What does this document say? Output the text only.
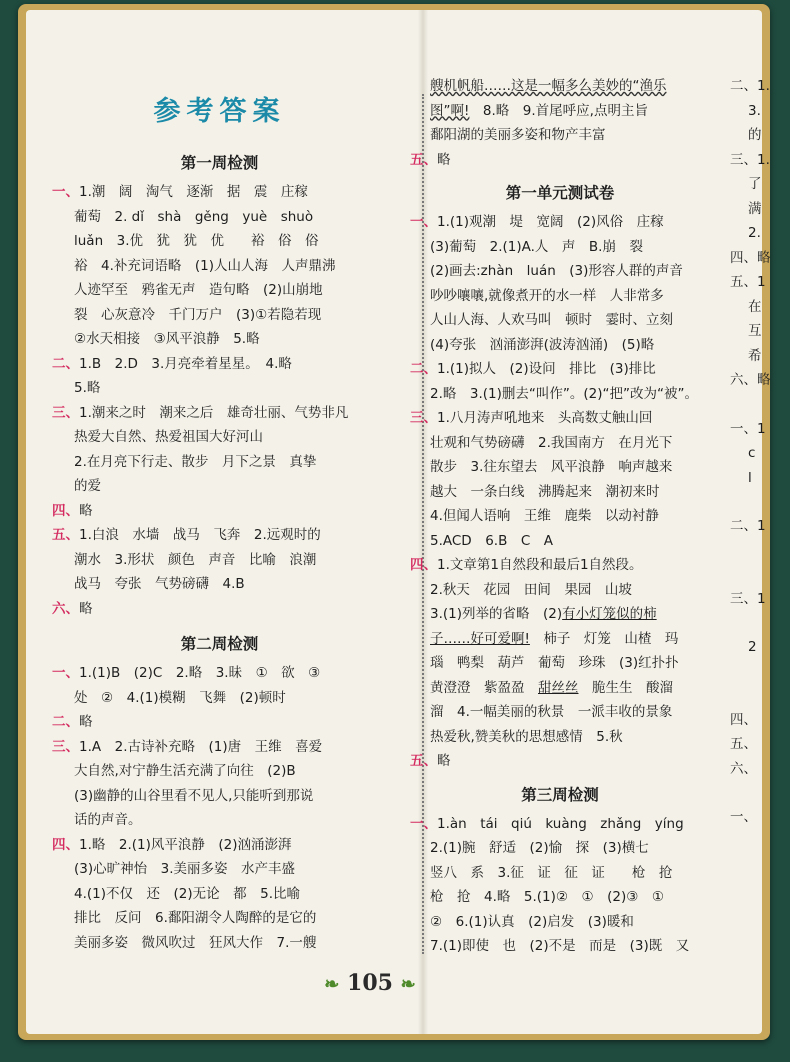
参考答案
第一周检测
一、1.潮　阔　淘气　逐渐　据　震　庄稼
葡萄　2. dǐ　shà　gěng　yuè　shuò
luǎn　3.优　犹　犹　优　　裕　俗　俗
裕　4.补充词语略　(1)人山人海　人声鼎沸
人迹罕至　鸦雀无声　造句略　(2)山崩地
裂　心灰意冷　千门万户　(3)①若隐若现
②水天相接　③风平浪静　5.略
二、1.B　2.D　3.月亮牵着星星。　4.略
5.略
三、1.潮来之时　潮来之后　雄奇壮丽、气势非凡
热爱大自然、热爱祖国大好河山
2.在月亮下行走、散步　月下之景　真挚
的爱
四、略
五、1.白浪　水墙　战马　飞奔　2.远观时的
潮水　3.形状　颜色　声音　比喻　浪潮
战马　夸张　气势磅礴　4.B
六、略
第二周检测
一、1.(1)B　(2)C　2.略　3.昧　①　欲　③
处　②　4.(1)模糊　飞舞　(2)顿时
二、略
三、1.A　2.古诗补充略　(1)唐　王维　喜爱
大自然,对宁静生活充满了向往　(2)B
(3)幽静的山谷里看不见人,只能听到那说
话的声音。
四、1.略　2.(1)风平浪静　(2)汹涌澎湃
(3)心旷神怡　3.美丽多姿　水产丰盛
4.(1)不仅　还　(2)无论　都　5.比喻
排比　反问　6.鄱阳湖令人陶醉的是它的
美丽多姿　微风吹过　狂风大作　7.一艘
艘机帆船……这是一幅多么美妙的“渔乐
图”啊!　8.略　9.首尾呼应,点明主旨
鄱阳湖的美丽多姿和物产丰富
五、略
第一单元测试卷
一、1.(1)观潮　堤　宽阔　(2)风俗　庄稼
(3)葡萄　2.(1)A.人　声　B.崩　裂
(2)画去:zhàn　luán　(3)形容人群的声音
吵吵嚷嚷,就像煮开的水一样　人非常多
人山人海、人欢马叫　顿时　霎时、立刻
(4)夸张　汹涌澎湃(波涛汹涌)　(5)略
二、1.(1)拟人　(2)设问　排比　(3)排比
2.略　3.(1)删去“叫作”。(2)“把”改为“被”。
三、1.八月涛声吼地来　头高数丈触山回
壮观和气势磅礴　2.我国南方　在月光下
散步　3.往东望去　风平浪静　响声越来
越大　一条白线　沸腾起来　潮初来时
4.但闻人语响　王维　鹿柴　以动衬静
5.ACD　6.B　C　A
四、1.文章第1自然段和最后1自然段。
2.秋天　花园　田间　果园　山坡
3.(1)列举的省略　(2)有小灯笼似的柿
子……好可爱啊!　柿子　灯笼　山楂　玛
瑙　鸭梨　葫芦　葡萄　珍珠　(3)红扑扑
黄澄澄　紫盈盈　甜丝丝　脆生生　酸溜
溜　4.一幅美丽的秋景　一派丰收的景象
热爱秋,赞美秋的思想感情　5.秋
五、略
第三周检测
一、1.àn　tái　qiú　kuàng　zhǎng　yíng
2.(1)腕　舒适　(2)愉　探　(3)横七
竖八　系　3.征　证　征　证　　枪　抢
枪　抢　4.略　5.(1)②　①　(2)③　①
②　6.(1)认真　(2)启发　(3)暖和
7.(1)即使　也　(2)不是　而是　(3)既　又
二、1.
3.
的
三、1.
了
满
2.
四、略
五、1
在
互
希
六、略
一、1
c
l
二、1
三、1
2
四、
五、
六、
一、
❧ 105 ❧
